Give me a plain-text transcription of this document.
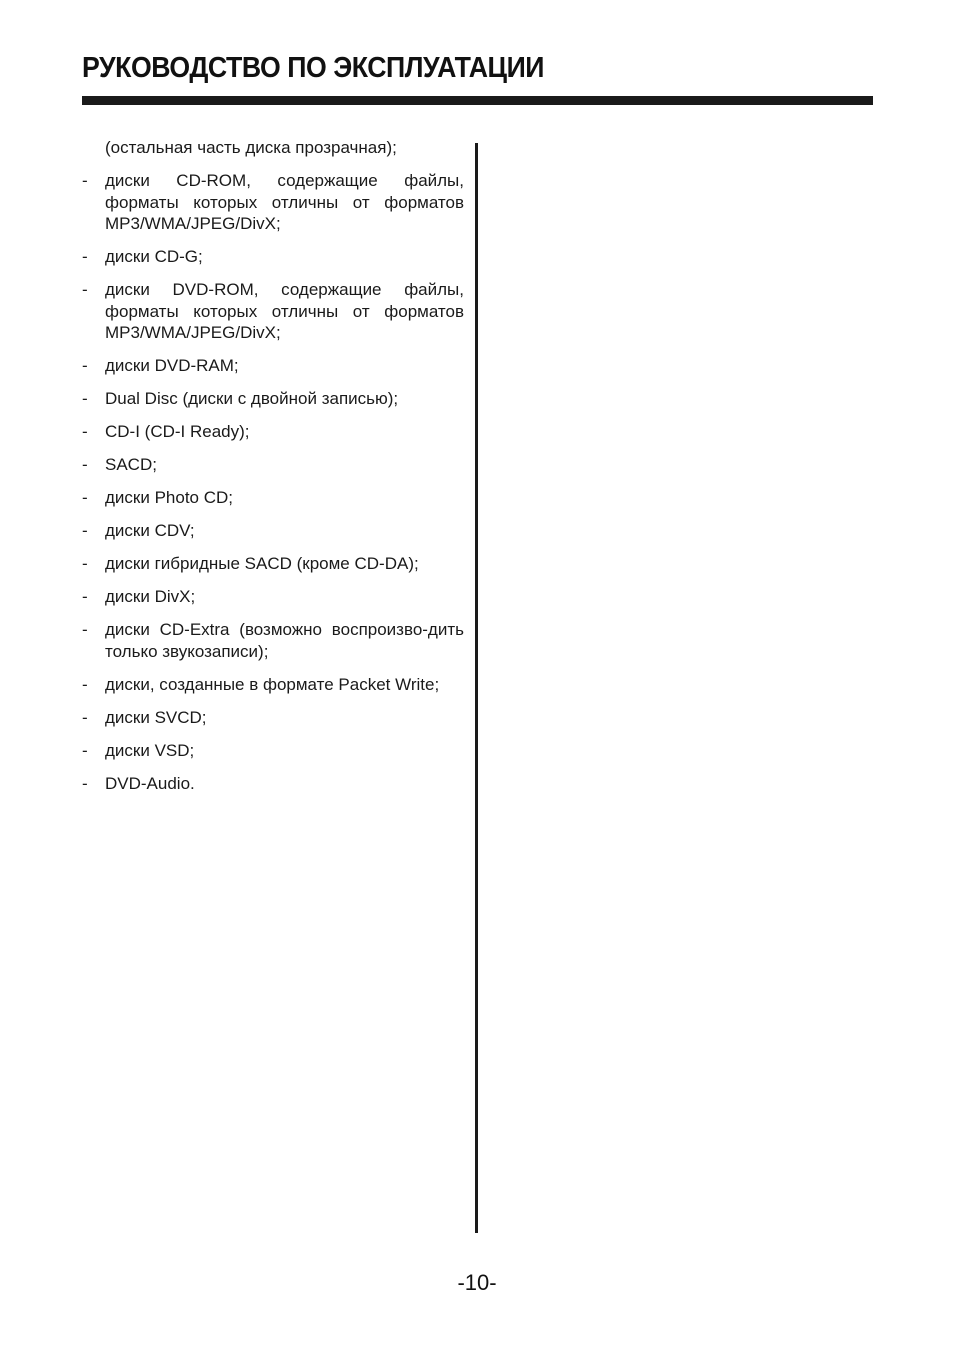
РУКОВОДСТВО ПО ЭКСПЛУАТАЦИИ

(остальная часть диска прозрачная);

- диски CD-ROM, содержащие файлы, форматы которых отличны от форматов MP3/WMA/JPEG/DivX;
- диски CD-G;
- диски DVD-ROM, содержащие файлы, форматы которых отличны от форматов MP3/WMA/JPEG/DivX;
- диски DVD-RAM;
- Dual Disc (диски с двойной записью);
- CD-I (CD-I Ready);
- SACD;
- диски Photo CD;
- диски CDV;
- диски гибридные SACD (кроме CD-DA);
- диски DivX;
- диски CD-Extra (возможно воспроизво-дить только звукозаписи);
- диски, созданные в формате Packet Write;
- диски SVCD;
- диски VSD;
- DVD-Audio.
-10-
